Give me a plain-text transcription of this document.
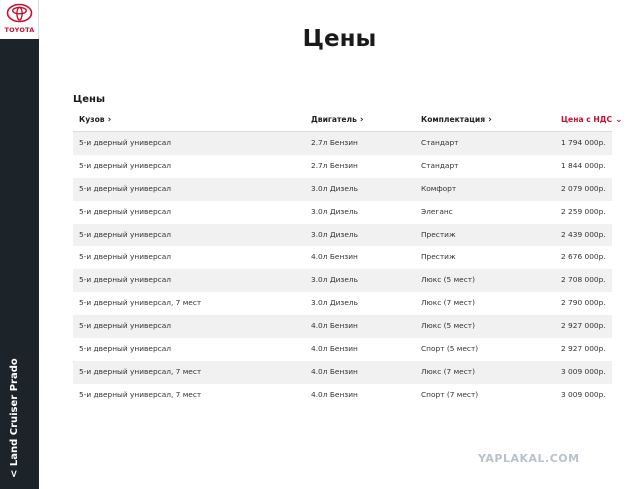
TOYOTA
< Land Cruiser Prado
Цены
Цены
Кузов ›	Двигатель ›	Комплектация ›	Цена с НДС ⌄
5-и дверный универсал	2.7л Бензин	Стандарт	1 794 000р.
5-и дверный универсал	2.7л Бензин	Стандарт	1 844 000р.
5-и дверный универсал	3.0л Дизель	Комфорт	2 079 000р.
5-и дверный универсал	3.0л Дизель	Элеганс	2 259 000р.
5-и дверный универсал	3.0л Дизель	Престиж	2 439 000р.
5-и дверный универсал	4.0л Бензин	Престиж	2 676 000р.
5-и дверный универсал	3.0л Дизель	Люкс (5 мест)	2 708 000р.
5-и дверный универсал, 7 мест	3.0л Дизель	Люкс (7 мест)	2 790 000р.
5-и дверный универсал	4.0л Бензин	Люкс (5 мест)	2 927 000р.
5-и дверный универсал	4.0л Бензин	Спорт (5 мест)	2 927 000р.
5-и дверный универсал, 7 мест	4.0л Бензин	Люкс (7 мест)	3 009 000р.
5-и дверный универсал, 7 мест	4.0л Бензин	Спорт (7 мест)	3 009 000р.
YAPLAKAL.COM
